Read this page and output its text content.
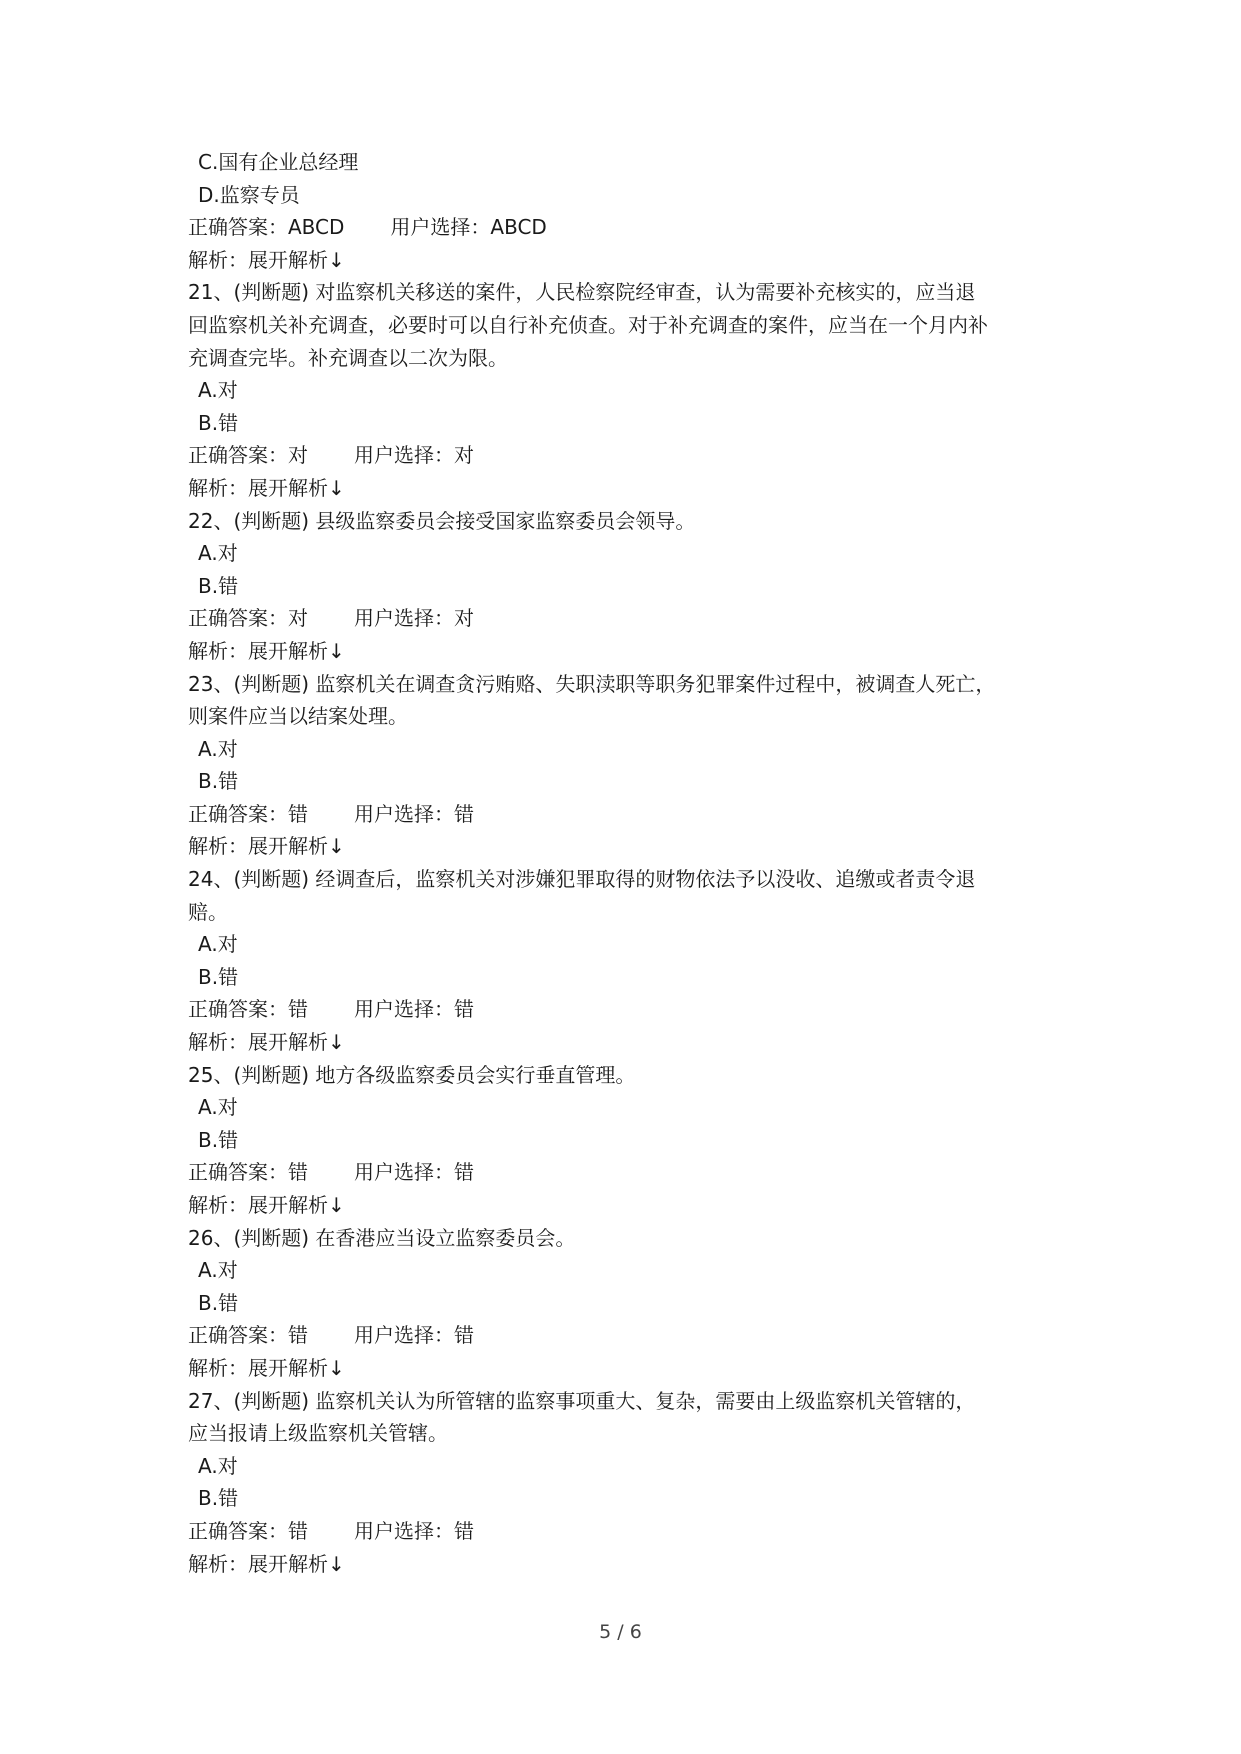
C.国有企业总经理
D.监察专员
正确答案：ABCD 用户选择：ABCD
解析：展开解析↓
21、(判断题) 对监察机关移送的案件，人民检察院经审查，认为需要补充核实的，应当退
回监察机关补充调查，必要时可以自行补充侦查。对于补充调查的案件，应当在一个月内补
充调查完毕。补充调查以二次为限。
A.对
B.错
正确答案：对 用户选择：对
解析：展开解析↓
22、(判断题) 县级监察委员会接受国家监察委员会领导。
A.对
B.错
正确答案：对 用户选择：对
解析：展开解析↓
23、(判断题) 监察机关在调查贪污贿赂、失职渎职等职务犯罪案件过程中，被调查人死亡，
则案件应当以结案处理。
A.对
B.错
正确答案：错 用户选择：错
解析：展开解析↓
24、(判断题) 经调查后，监察机关对涉嫌犯罪取得的财物依法予以没收、追缴或者责令退
赔。
A.对
B.错
正确答案：错 用户选择：错
解析：展开解析↓
25、(判断题) 地方各级监察委员会实行垂直管理。
A.对
B.错
正确答案：错 用户选择：错
解析：展开解析↓
26、(判断题) 在香港应当设立监察委员会。
A.对
B.错
正确答案：错 用户选择：错
解析：展开解析↓
27、(判断题) 监察机关认为所管辖的监察事项重大、复杂，需要由上级监察机关管辖的，
应当报请上级监察机关管辖。
A.对
B.错
正确答案：错 用户选择：错
解析：展开解析↓
5 / 6
